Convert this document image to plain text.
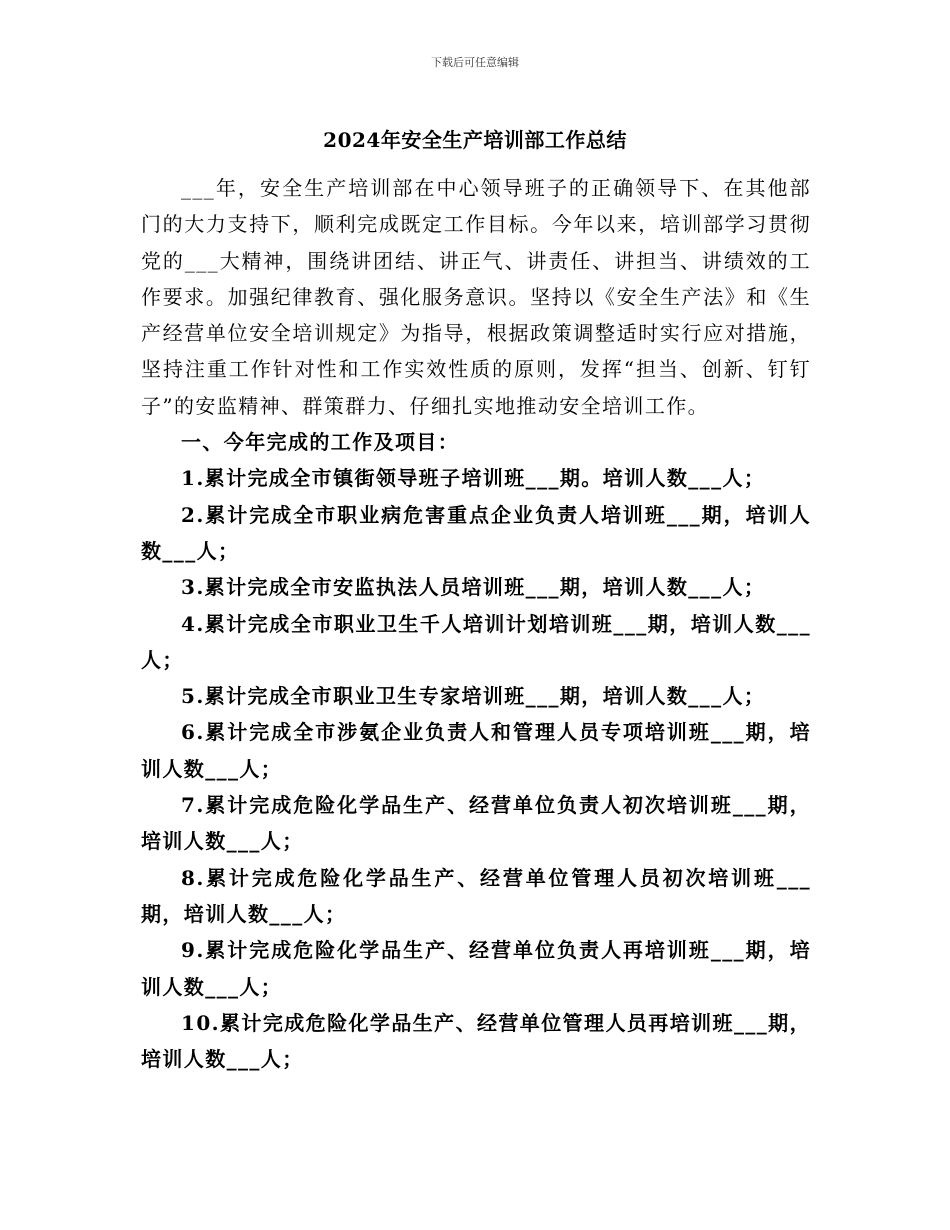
下载后可任意编辑
2024年安全生产培训部工作总结

___年，安全生产培训部在中心领导班子的正确领导下、在其他部门的大力支持下，顺利完成既定工作目标。今年以来，培训部学习贯彻党的___大精神，围绕讲团结、讲正气、讲责任、讲担当、讲绩效的工作要求。加强纪律教育、强化服务意识。坚持以《安全生产法》和《生产经营单位安全培训规定》为指导，根据政策调整适时实行应对措施，坚持注重工作针对性和工作实效性质的原则，发挥“担当、创新、钉钉子”的安监精神、群策群力、仔细扎实地推动安全培训工作。

一、今年完成的工作及项目：

1.累计完成全市镇街领导班子培训班___期。培训人数___人；

2.累计完成全市职业病危害重点企业负责人培训班___期，培训人数___人；

3.累计完成全市安监执法人员培训班___期，培训人数___人；

4.累计完成全市职业卫生千人培训计划培训班___期，培训人数___人；

5.累计完成全市职业卫生专家培训班___期，培训人数___人；

6.累计完成全市涉氨企业负责人和管理人员专项培训班___期，培训人数___人；

7.累计完成危险化学品生产、经营单位负责人初次培训班___期，培训人数___人；

8.累计完成危险化学品生产、经营单位管理人员初次培训班___期，培训人数___人；

9.累计完成危险化学品生产、经营单位负责人再培训班___期，培训人数___人；

10.累计完成危险化学品生产、经营单位管理人员再培训班___期，培训人数___人；
